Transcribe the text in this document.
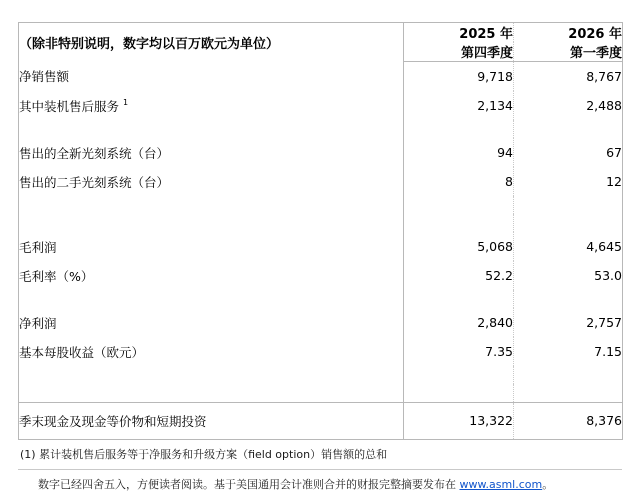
（除非特别说明，数字均以百万欧元为单位）	2025 年	2026 年
	第四季度	第一季度
净销售额	9,718	8,767
其中装机售后服务 $^1$	2,134	2,488

售出的全新光刻系统（台）	94	67
售出的二手光刻系统（台）	8	12

毛利润	5,068	4,645
毛利率（%）	52.2	53.0

净利润	2,840	2,757
基本每股收益（欧元）	7.35	7.15

季末现金及现金等价物和短期投资	13,322	8,376
(1) 累计装机售后服务等于净服务和升级方案（field option）销售额的总和
数字已经四舍五入，方便读者阅读。基于美国通用会计准则合并的财报完整摘要发布在 www.asml.com。
